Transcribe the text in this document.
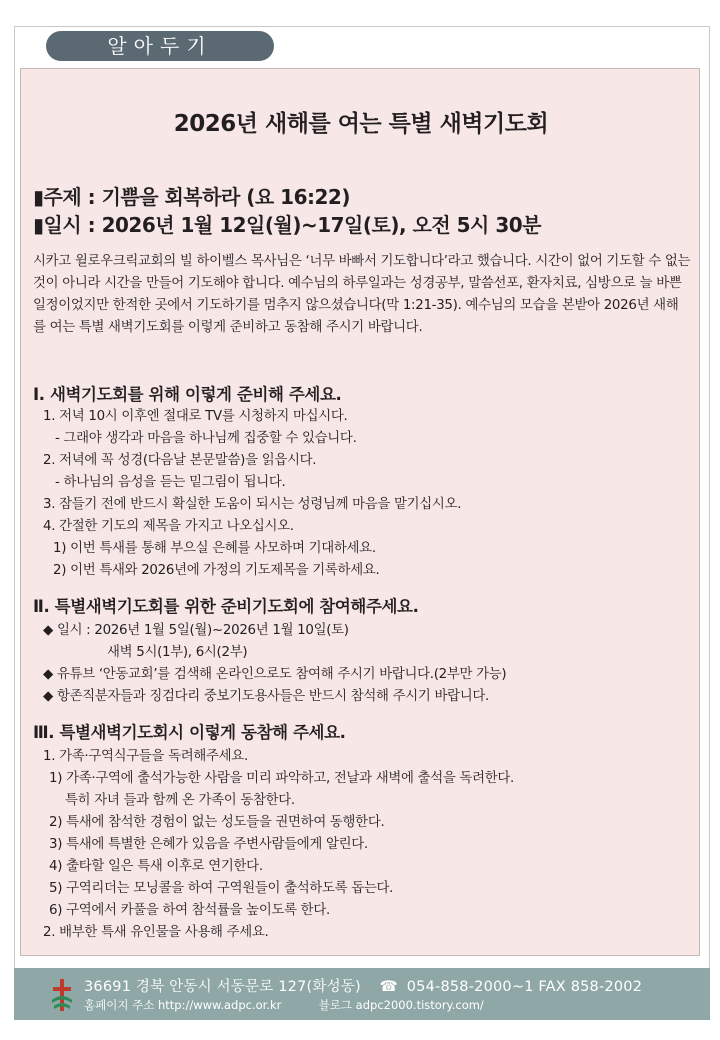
알아두기
2026년 새해를 여는 특별 새벽기도회
▮주제 : 기쁨을 회복하라 (요 16:22)
▮일시 : 2026년 1월 12일(월)~17일(토), 오전 5시 30분
시카고 윌로우크릭교회의 빌 하이벨스 목사님은 ‘너무 바빠서 기도합니다’라고 했습니다. 시간이 없어 기도할 수 없는 것이 아니라 시간을 만들어 기도해야 합니다. 예수님의 하루일과는 성경공부, 말씀선포, 환자치료, 심방으로 늘 바쁜 일정이었지만 한적한 곳에서 기도하기를 멈추지 않으셨습니다(막 1:21-35). 예수님의 모습을 본받아 2026년 새해를 여는 특별 새벽기도회를 이렇게 준비하고 동참해 주시기 바랍니다.
Ⅰ. 새벽기도회를 위해 이렇게 준비해 주세요.
1. 저녁 10시 이후엔 절대로 TV를 시청하지 마십시다.
- 그래야 생각과 마음을 하나님께 집중할 수 있습니다.
2. 저녁에 꼭 성경(다음날 본문말씀)을 읽읍시다.
- 하나님의 음성을 듣는 밑그림이 됩니다.
3. 잠들기 전에 반드시 확실한 도움이 되시는 성령님께 마음을 맡기십시오.
4. 간절한 기도의 제목을 가지고 나오십시오.
1) 이번 특새를 통해 부으실 은혜를 사모하며 기대하세요.
2) 이번 특새와 2026년에 가정의 기도제목을 기록하세요.
Ⅱ. 특별새벽기도회를 위한 준비기도회에 참여해주세요.
◆ 일시 : 2026년 1월 5일(월)~2026년 1월 10일(토)
새벽 5시(1부), 6시(2부)
◆ 유튜브 ‘안동교회’를 검색해 온라인으로도 참여해 주시기 바랍니다.(2부만 가능)
◆ 항존직분자들과 징검다리 중보기도용사들은 반드시 참석해 주시기 바랍니다.
Ⅲ. 특별새벽기도회시 이렇게 동참해 주세요.
1. 가족·구역식구들을 독려해주세요.
1) 가족·구역에 출석가능한 사람을 미리 파악하고, 전날과 새벽에 출석을 독려한다.
특히 자녀 들과 함께 온 가족이 동참한다.
2) 특새에 참석한 경험이 없는 성도들을 권면하여 동행한다.
3) 특새에 특별한 은혜가 있음을 주변사람들에게 알린다.
4) 출타할 일은 특새 이후로 연기한다.
5) 구역리더는 모닝콜을 하여 구역원들이 출석하도록 돕는다.
6) 구역에서 카풀을 하여 참석률을 높이도록 한다.
2. 배부한 특새 유인물을 사용해 주세요.
36691 경북 안동시 서동문로 127(화성동) ☎ 054-858-2000~1 FAX 858-2002
홈페이지 주소 http://www.adpc.or.kr	블로그 adpc2000.tistory.com/
